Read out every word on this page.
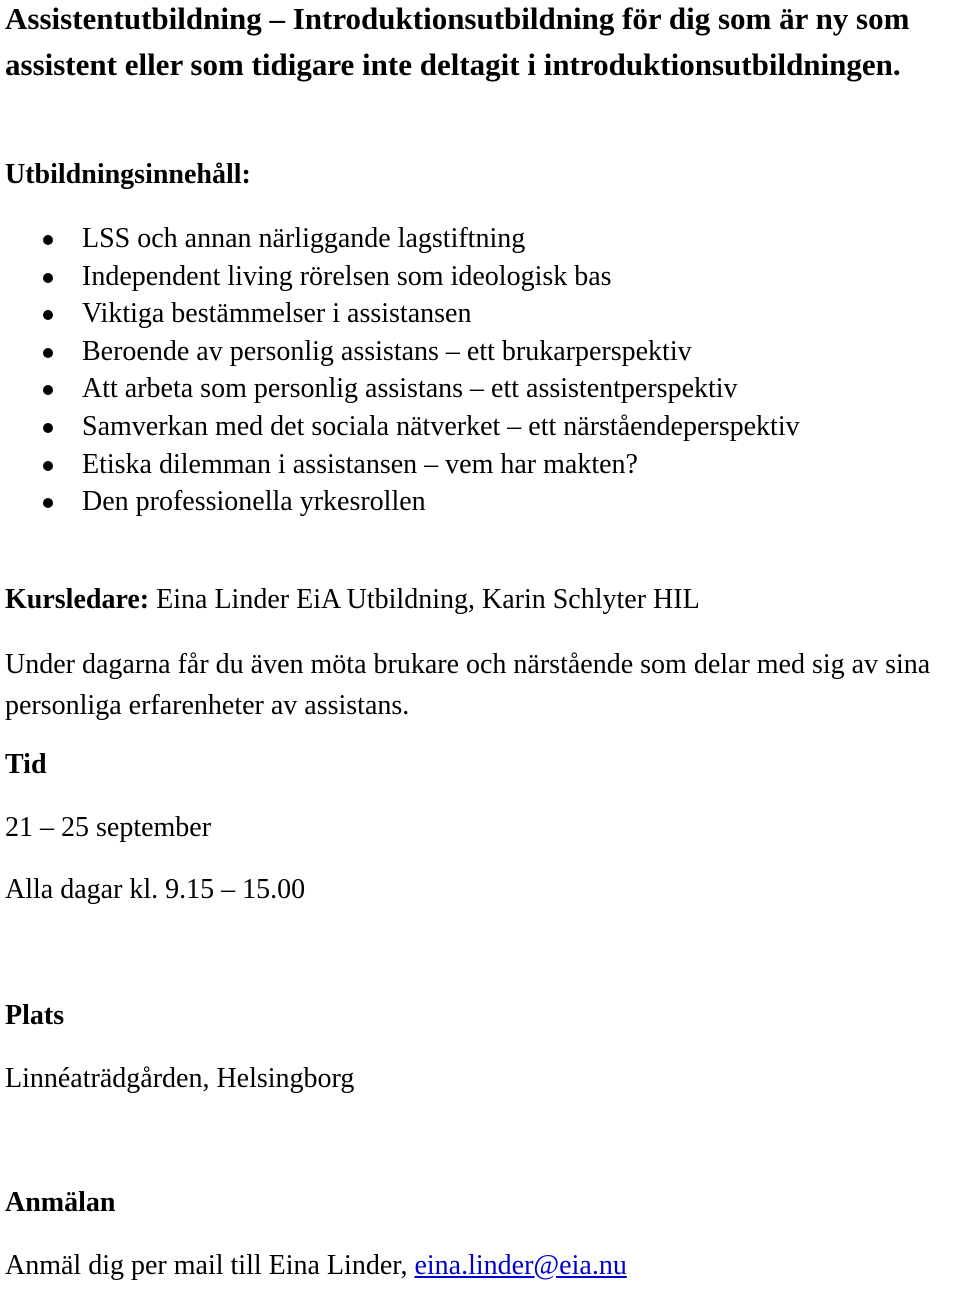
Assistentutbildning – Introduktionsutbildning för dig som är ny som assistent eller som tidigare inte deltagit i introduktionsutbildningen.
Utbildningsinnehåll:
LSS och annan närliggande lagstiftning
Independent living rörelsen som ideologisk bas
Viktiga bestämmelser i assistansen
Beroende av personlig assistans – ett brukarperspektiv
Att arbeta som personlig assistans – ett assistentperspektiv
Samverkan med det sociala nätverket – ett närståendeperspektiv
Etiska dilemman i assistansen – vem har makten?
Den professionella yrkesrollen
Kursledare: Eina Linder EiA Utbildning, Karin Schlyter HIL
Under dagarna får du även möta brukare och närstående som delar med sig av sina personliga erfarenheter av assistans.
Tid
21 – 25 september
Alla dagar kl. 9.15 – 15.00
Plats
Linnéaträdgården, Helsingborg
Anmälan
Anmäl dig per mail till Eina Linder, eina.linder@eia.nu
